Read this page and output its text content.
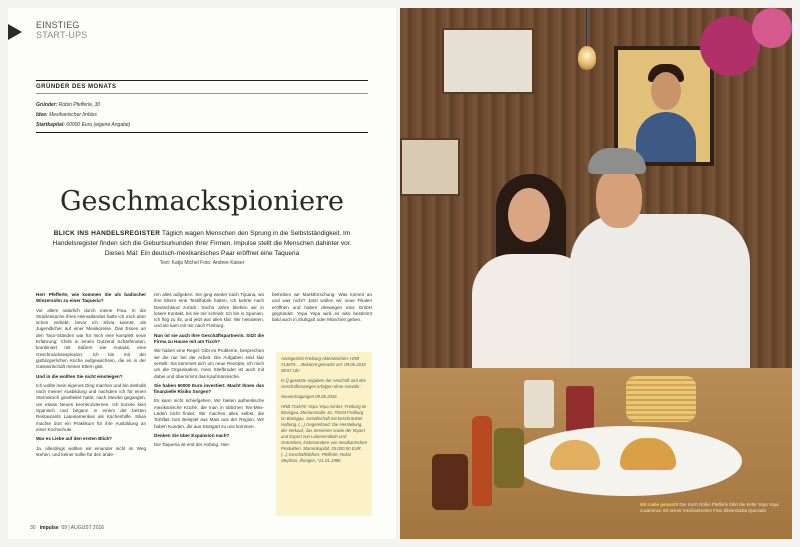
EINSTIEG
START-UPS
GRÜNDER DES MONATS
Gründer: Robin Pfefferle, 30
Idee: Mexikanischer Imbiss
Startkapital: 60000 Euro (eigene Angabe)
Geschmackspioniere
BLICK INS HANDELSREGISTER Täglich wagen Menschen den Sprung in die Selbstständigkeit. Im Handelsregister finden sich die Geburtsurkunden ihrer Firmen. impulse stellt die Menschen dahinter vor. Dieses Mal: Ein deutsch-mexikanisches Paar eröffnet eine Taqueria
Text: Katja Michel Foto: Andree Kaiser

Herr Pfefferle, wie kommen Sie als badischer Winzersohn zu einer Taqueria?

Vor allem natürlich durch meine Frau. In die Straßenküche ihres Heimatlandes hatte ich mich aber schon verliebt, bevor ich Silvia kannte, als Jugendlicher auf einer Mexikoreise. Das Essen an den Taco-Ständen war für mich eine komplett neue Erfahrung: Chilis in einem Dutzend Schärfenoten, kombiniert mit Süßem wie Ananas, eine Geschmacksexplosion. Ich bin mit der gutbürgerlichen Küche aufgewachsen, die es in der Gastwirtschaft meiner Eltern gibt.

Und in die wollten Sie nicht einsteigen?

Ich wollte mein eigenes Ding machen und bin deshalb nach meiner Ausbildung und nachdem ich für einen Sternekoch gearbeitet hatte, nach Mexiko gegangen, um etwas Neues kennenzulernen. Ich konnte kein Spanisch und begann in einem der besten Restaurants Lateinamerikas als Küchenhilfe. Silvia machte dort ein Praktikum für ihre Ausbildung an einer Kochschule.

War es Liebe auf den ersten Blick?

Ja, allerdings wollten wir einander nicht im Weg stehen, und keiner sollte für den ande-

ren alles aufgeben. Sie ging wieder nach Tijuana, wo ihre Eltern eine Textilfabrik hatten, ich kehrte nach Deutschland zurück. Sechs Jahre blieben wir in losem Kontakt, bis sie mir schrieb: Ich bin in Spanien. Ich flog zu ihr, und jetzt war alles klar: Wir heirateten, und sie kam mit mir nach Freiburg.

Nun ist sie auch Ihre Geschäftspartnerin. Sitzt die Firma zu Hause mit am Tisch?

Wir haben eine Regel: Gibt es Probleme, besprechen wir die nur bei der Arbeit. Die Aufgaben sind klar verteilt: Sie kümmert sich um neue Rezepte, ich mich um die Organisation, mein Stiefbruder ist auch mit dabei und übernimmt das Kaufmännische.

Sie haben 60000 Euro investiert. Macht Ihnen das finanzielle Risiko Sorgen?

Es kann nicht schiefgehen. Wir bieten authentische mexikanische Küche, die man in üblichen Tex-Mex-Läden nicht findet. Wir machen alles selbst, die Tortillas zum Beispiel aus Mais aus der Region. Wir haben Kunden, die aus Stuttgart zu uns kommen.

Denken Sie über Expansion nach?

Die Taqueria ist erst der Anfang. Hier

betreiben wir Marktforschung: Was kommt an und was nicht? Jetzt wollen wir neue Filialen eröffnen und haben deswegen eine GmbH gegründet. Yepa Yepa wird es also bestimmt bald auch in Stuttgart oder München geben.

Amtsgericht Freiburg Aktenzeichen: HRB 714676 ... Bekannt gemacht am: 09.06.2016 08:57 Uhr

In () gesetzte Angaben der Anschrift und des Geschäftszweiges erfolgen ohne Gewähr:

Neueintragungen 09.06.2016

HRB 714676: Yepa Yepa GmbH, Freiburg im Breisgau, Merianstraße 10, 79104 Freiburg im Breisgau. Gesellschaft mit beschränkter Haftung. (...) Gegenstand: Die Herstellung, der Verkauf, das Servieren sowie der Import und Export von Lebensmitteln und Getränken, insbesondere von mexikanischen Produkten. Stammkapital: 25.000,00 EUR. (...) Geschäftsführer: Pfefferle, Robin Stephan, Ihringen, *21.01.1986

30 impulse 09 | AUGUST 2016
Mit Liebe gemacht Der Koch Robin Pfefferle führt die Kette Yepa Yepa zusammen mit seiner mexikanischen Frau Silvia Barba Quezada
